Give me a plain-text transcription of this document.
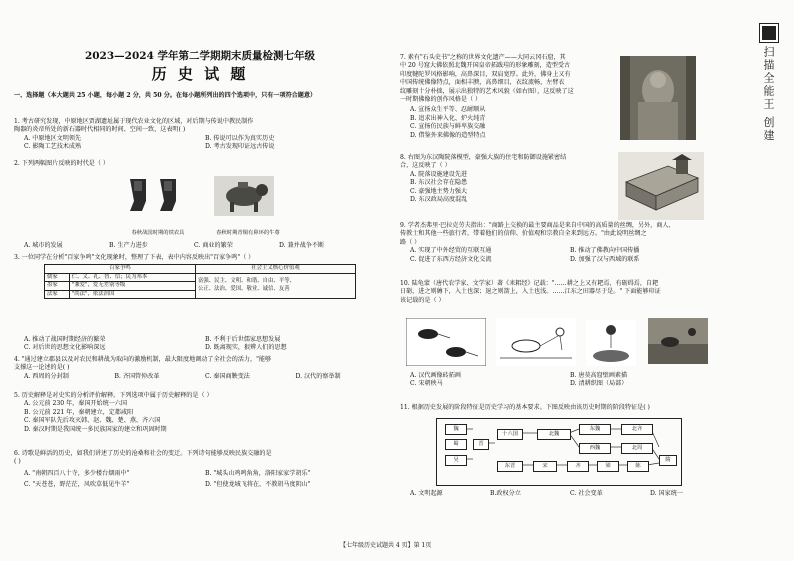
2023—2024 学年第二学期期末质量检测七年级
历 史 试 题
一、选择题（本大题共 25 小题，每小题 2 分，共 50 分。在每小题所列出的四个选项中，只有一项符合题意）
1. 考古研究发现，中原地区贾湖遗址属于现代农业文化的区域，对后期与传说中教民制作
陶器的炎帝所处的新石器时代相同的时间、空间一致，这表明( )
A. 中原地区文明领先	B. 传说可以作为真实历史
C. 影陶工艺技术成熟	D. 考古发现印证远古传说
2. 下列两幅图片反映的时代是（ ）
春秋战国时期的铁农具	春秋时期青铜有鼻环的牛尊
A. 城市的发展	B. 生产力进步	C. 商业的繁荣	D. 兼并战争不断
3. 一位同学在分析"百家争鸣"文化现象时，整理了下表，表中内容反映出"百家争鸣"（ ）
百家争鸣		社会主义核心价值观
儒家	仁、义、礼、智、信；民为邦本	富强、民主、文明、和谐、自由、平等、
公正、法治、爱国、敬业、诚信、友善

墨家	"兼爱"，爱无差别等级	
法家	"尚法"，依法治国	
A. 推动了战国时期经济的繁荣	B. 不利于后世儒家思想发展
C. 对后世的思想文化影响深远	D. 既离现实，狠辨人们的思想
4. "通过建立郡县以及对农民和耕战为取向的激励机制，最大限度地调动了全社会的活力，"能够
支撑这一论述的是( )
A. 西周的分封制	B. 齐国管仲改革	C. 秦国商鞅变法	D. 汉代的察举制
5. 历史解释是对史实的分析评价解释。下列选项中属于历史解释的是（ ）
A. 公元前 230 年，秦国开始统一六国
B. 公元前 221 年，秦朝建立，定都咸阳
C. 秦国军队先后攻灭韩、赵、魏、楚、燕、齐六国
D. 秦汉时期是我国统一多民族国家的建立和巩固时期
6. 诗歌是鲜活的历史，如我们讲述了历史的沧桑和社会的变迁。下列诗句能够反映民族交融的是
( )
A. "南朝四百八十寺，多少楼台烟雨中"	B. "城头山鸡鸣角角，洛阳家家学胡乐"
C. "天苍苍，野茫茫，风吹草低见牛羊"	D. "但使龙城飞将在，不教胡马度阴山"
7. 素有"石头史书"之称的世界文化遗产——大同云冈石窟，其
中 20 号窟大佛依照北魏开国皇帝拓跋珪的形象雕刻，造型受古
印度犍陀罗风格影响，高鼻深目，双肩宽厚。此外，佛身上又有
中国传统佛像特点，面相丰腴，高鼻细目，衣纹流畅，左臂衣
纹雕刻十分朴拙，展示出独特的艺术风貌（如右图），这反映了这
一时期佛像的创作风格是（ ）
A. 宣扬众生平等、忍耐顺从
B. 追求出神入化、炉火纯青
C. 宣扬仿民族与鲜卑族交融
D. 借鉴外来佛像的造型特点
8. 右图为东汉陶院落模型，豪强大族的住宅和防御设施紧密结
合，这反映了（ ）
A. 院落设施建设先进
B. 东汉社会存在隐患
C. 豪强地主势力强大
D. 东汉政局高度混乱
9. 学者杰弗里·巴拉克劳夫指出："商路上交换的最主要商品是来自中国的高质量的丝绸，另外，商人、
传教士和其他一些旅行者，带着他们的信仰、价值观和宗教自全来到远方。"由此说明丝绸之
路（ ）
A. 实现了中外经贸的互联互通	B. 推动了佛教向中国传播
C. 促进了东西方经济文化交流	D. 加强了汉与西域的联系
10. 陆龟蒙（唐代农学家、文学家）著《耒耜经》记载："……耕之上又有耙焉，有砺碍焉，自耙
日砺，进之则薅下，入土也深；退之则箭上，入土也浅。……江东之田器尽于是。" 下面能够印证
该记载的是（ ）
A. 汉代画像砖拓画	B. 唐莫高窟壁画素描
C. 宋朝秧马	D. 清耕织图（局部）
11. 根据历史发展的阶段特征是历史学习的基本要求。下图反映由该历史时期的阶段特征是( )
魏
蜀
吴
晋
十六国	北魏
东魏
西魏
北齐
北周
东晋	宋	齐	梁	陈
隋
A. 文明起源	B.政权分立	C. 社会变革	D. 国家统一
扫描全能王 创建
【七年级历史试题共 4 页】第 1页
